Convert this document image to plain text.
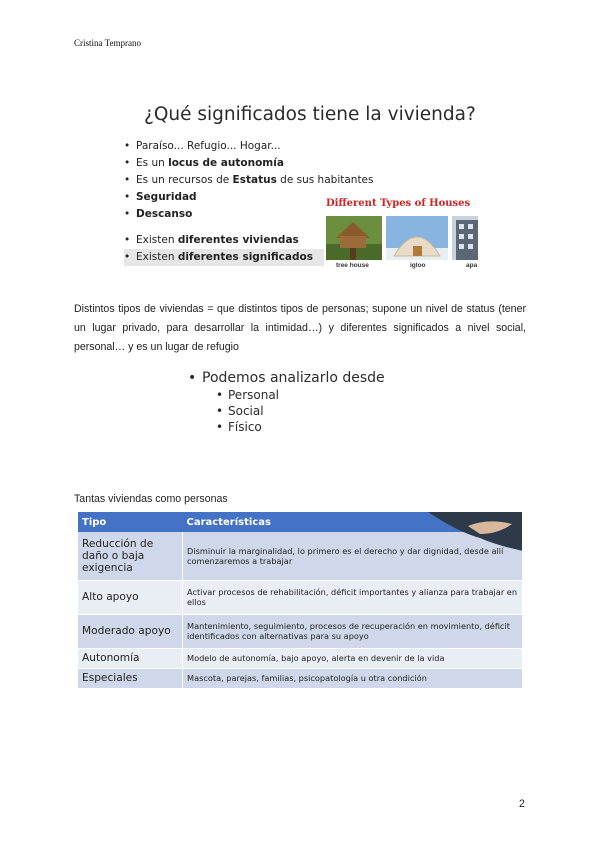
Cristina Temprano
¿Qué significados tiene la vivienda?
• Paraíso... Refugio... Hogar...
• Es un locus de autonomía
• Es un recursos de Estatus de sus habitantes
• Seguridad
• Descanso
• Existen diferentes viviendas
• Existen diferentes significados
Different Types of Houses
tree house	igloo	apa
Distintos tipos de viviendas = que distintos tipos de personas; supone un nivel de status (tener un lugar privado, para desarrollar la intimidad…) y diferentes significados a nivel social, personal… y es un lugar de refugio
• Podemos analizarlo desde
• Personal
• Social
• Físico
Tantas viviendas como personas
Tipo	Características
Reducción de daño o baja exigencia	Disminuir la marginalidad, lo primero es el derecho y dar dignidad, desde allí comenzaremos a trabajar
Alto apoyo	Activar procesos de rehabilitación, déficit importantes y alianza para trabajar en ellos
Moderado apoyo	Mantenimiento, seguimiento, procesos de recuperación en movimiento, déficit identificados con alternativas para su apoyo
Autonomía	Modelo de autonomía, bajo apoyo, alerta en devenir de la vida
Especiales	Mascota, parejas, familias, psicopatología u otra condición
2
